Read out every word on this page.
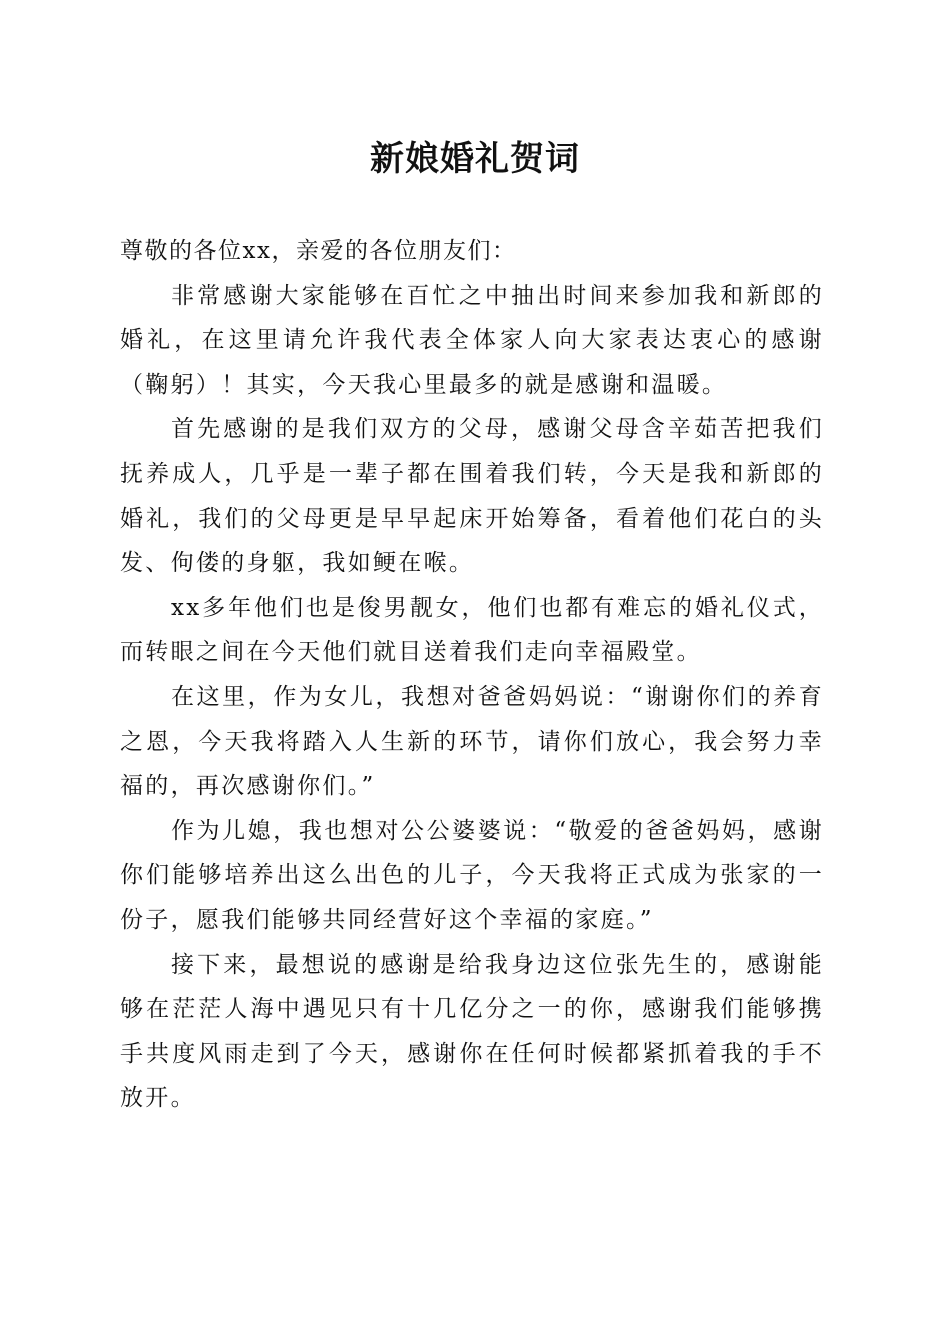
新娘婚礼贺词

尊敬的各位xx，亲爱的各位朋友们：

非常感谢大家能够在百忙之中抽出时间来参加我和新郎的婚礼，在这里请允许我代表全体家人向大家表达衷心的感谢（鞠躬）！其实，今天我心里最多的就是感谢和温暖。

首先感谢的是我们双方的父母，感谢父母含辛茹苦把我们抚养成人，几乎是一辈子都在围着我们转，今天是我和新郎的婚礼，我们的父母更是早早起床开始筹备，看着他们花白的头发、佝偻的身躯，我如鲠在喉。

xx多年他们也是俊男靓女，他们也都有难忘的婚礼仪式，而转眼之间在今天他们就目送着我们走向幸福殿堂。

在这里，作为女儿，我想对爸爸妈妈说：“谢谢你们的养育之恩，今天我将踏入人生新的环节，请你们放心，我会努力幸福的，再次感谢你们。”

作为儿媳，我也想对公公婆婆说：“敬爱的爸爸妈妈，感谢你们能够培养出这么出色的儿子，今天我将正式成为张家的一份子，愿我们能够共同经营好这个幸福的家庭。”

接下来，最想说的感谢是给我身边这位张先生的，感谢能够在茫茫人海中遇见只有十几亿分之一的你，感谢我们能够携手共度风雨走到了今天，感谢你在任何时候都紧抓着我的手不放开。
